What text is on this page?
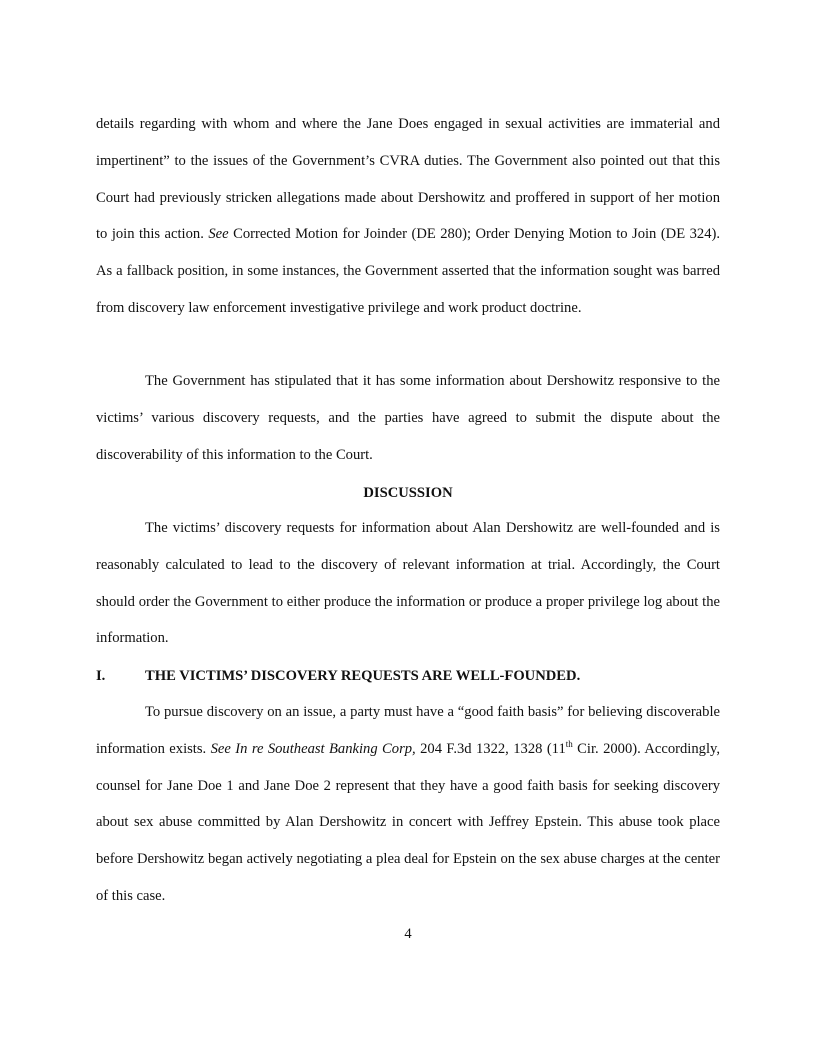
details regarding with whom and where the Jane Does engaged in sexual activities are immaterial and impertinent” to the issues of the Government’s CVRA duties. The Government also pointed out that this Court had previously stricken allegations made about Dershowitz and proffered in support of her motion to join this action. See Corrected Motion for Joinder (DE 280); Order Denying Motion to Join (DE 324). As a fallback position, in some instances, the Government asserted that the information sought was barred from discovery law enforcement investigative privilege and work product doctrine.

The Government has stipulated that it has some information about Dershowitz responsive to the victims’ various discovery requests, and the parties have agreed to submit the dispute about the discoverability of this information to the Court.

DISCUSSION

The victims’ discovery requests for information about Alan Dershowitz are well-founded and is reasonably calculated to lead to the discovery of relevant information at trial. Accordingly, the Court should order the Government to either produce the information or produce a proper privilege log about the information.

I.	THE VICTIMS’ DISCOVERY REQUESTS ARE WELL-FOUNDED.

To pursue discovery on an issue, a party must have a “good faith basis” for believing discoverable information exists. See In re Southeast Banking Corp, 204 F.3d 1322, 1328 (11th Cir. 2000). Accordingly, counsel for Jane Doe 1 and Jane Doe 2 represent that they have a good faith basis for seeking discovery about sex abuse committed by Alan Dershowitz in concert with Jeffrey Epstein. This abuse took place before Dershowitz began actively negotiating a plea deal for Epstein on the sex abuse charges at the center of this case.

4
